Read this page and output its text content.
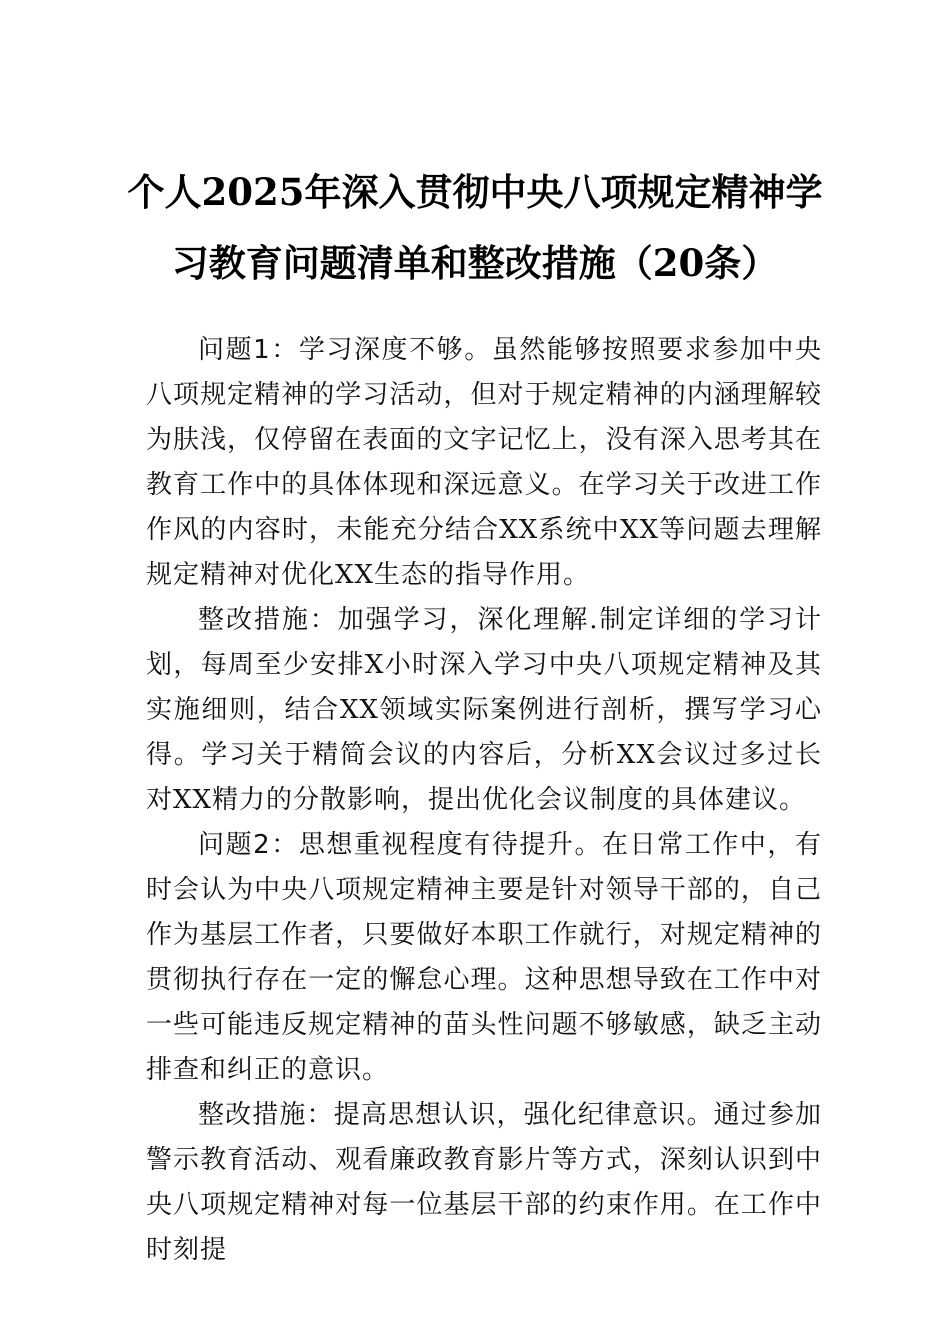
个人2025年深入贯彻中央八项规定精神学
习教育问题清单和整改措施（20条）

问题1：学习深度不够。虽然能够按照要求参加中央八项规定精神的学习活动，但对于规定精神的内涵理解较为肤浅，仅停留在表面的文字记忆上，没有深入思考其在教育工作中的具体体现和深远意义。在学习关于改进工作作风的内容时，未能充分结合XX系统中XX等问题去理解规定精神对优化XX生态的指导作用。

整改措施：加强学习，深化理解.制定详细的学习计划，每周至少安排X小时深入学习中央八项规定精神及其实施细则，结合XX领域实际案例进行剖析，撰写学习心得。学习关于精简会议的内容后，分析XX会议过多过长对XX精力的分散影响，提出优化会议制度的具体建议。

问题2：思想重视程度有待提升。在日常工作中，有时会认为中央八项规定精神主要是针对领导干部的，自己作为基层工作者，只要做好本职工作就行，对规定精神的贯彻执行存在一定的懈怠心理。这种思想导致在工作中对一些可能违反规定精神的苗头性问题不够敏感，缺乏主动排查和纠正的意识。

整改措施：提高思想认识，强化纪律意识。通过参加警示教育活动、观看廉政教育影片等方式，深刻认识到中央八项规定精神对每一位基层干部的约束作用。在工作中时刻提
